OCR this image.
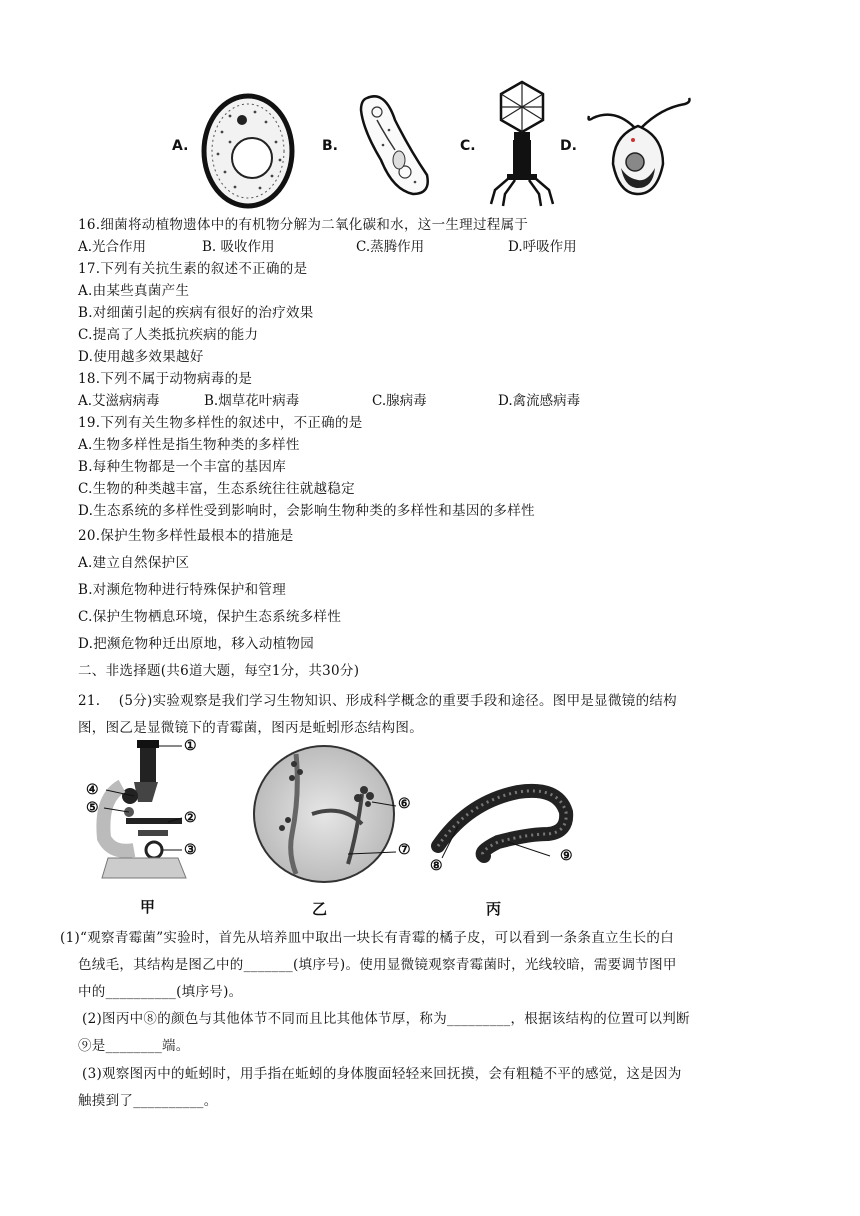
A.	B.	C.	D.
16.细菌将动植物遗体中的有机物分解为二氧化碳和水，这一生理过程属于
A.光合作用	B. 吸收作用	C.蒸腾作用	D.呼吸作用
17.下列有关抗生素的叙述不正确的是
A.由某些真菌产生
B.对细菌引起的疾病有很好的治疗效果
C.提高了人类抵抗疾病的能力
D.使用越多效果越好
18.下列不属于动物病毒的是
A.艾滋病病毒	B.烟草花叶病毒	C.腺病毒	D.禽流感病毒
19.下列有关生物多样性的叙述中，不正确的是
A.生物多样性是指生物种类的多样性
B.每种生物都是一个丰富的基因库
C.生物的种类越丰富，生态系统往往就越稳定
D.生态系统的多样性受到影响时，会影响生物种类的多样性和基因的多样性
20.保护生物多样性最根本的措施是
A.建立自然保护区
B.对濒危物种进行特殊保护和管理
C.保护生物栖息环境，保护生态系统多样性
D.把濒危物种迁出原地，移入动植物园
二、非选择题(共6道大题，每空1分，共30分)
21.　 (5分)实验观察是我们学习生物知识、形成科学概念的重要手段和途径。图甲是显微镜的结构
图，图乙是显微镜下的青霉菌，图丙是蚯蚓形态结构图。
①
④
⑤
②
③
⑥
⑦
⑧
⑨
甲	乙	丙
(1)“观察青霉菌”实验时，首先从培养皿中取出一块长有青霉的橘子皮，可以看到一条条直立生长的白
色绒毛，其结构是图乙中的_______(填序号)。使用显微镜观察青霉菌时，光线较暗，需要调节图甲
中的__________(填序号)。
(2)图丙中⑧的颜色与其他体节不同而且比其他体节厚，称为_________，根据该结构的位置可以判断
⑨是________端。
(3)观察图丙中的蚯蚓时，用手指在蚯蚓的身体腹面轻轻来回抚摸，会有粗糙不平的感觉，这是因为
触摸到了__________。
